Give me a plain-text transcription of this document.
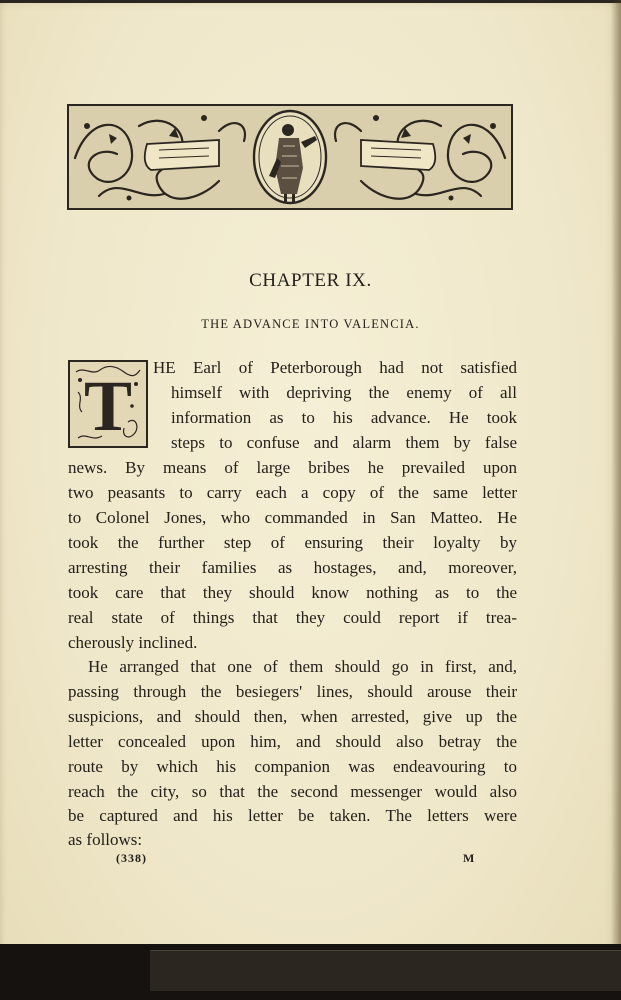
CHAPTER IX.
THE ADVANCE INTO VALENCIA.
T	HE Earl of Peterborough had not satisfied
himself with depriving the enemy of all
information as to his advance. He took
steps to confuse and alarm them by false
news. By means of large bribes he prevailed upon
two peasants to carry each a copy of the same letter
to Colonel Jones, who commanded in San Matteo. He
took the further step of ensuring their loyalty by
arresting their families as hostages, and, moreover,
took care that they should know nothing as to the
real state of things that they could report if trea-
cherously inclined.
He arranged that one of them should go in first, and,
passing through the besiegers' lines, should arouse their
suspicions, and should then, when arrested, give up the
letter concealed upon him, and should also betray the
route by which his companion was endeavouring to
reach the city, so that the second messenger would also
be captured and his letter be taken. The letters were
as follows:
(338)	M
